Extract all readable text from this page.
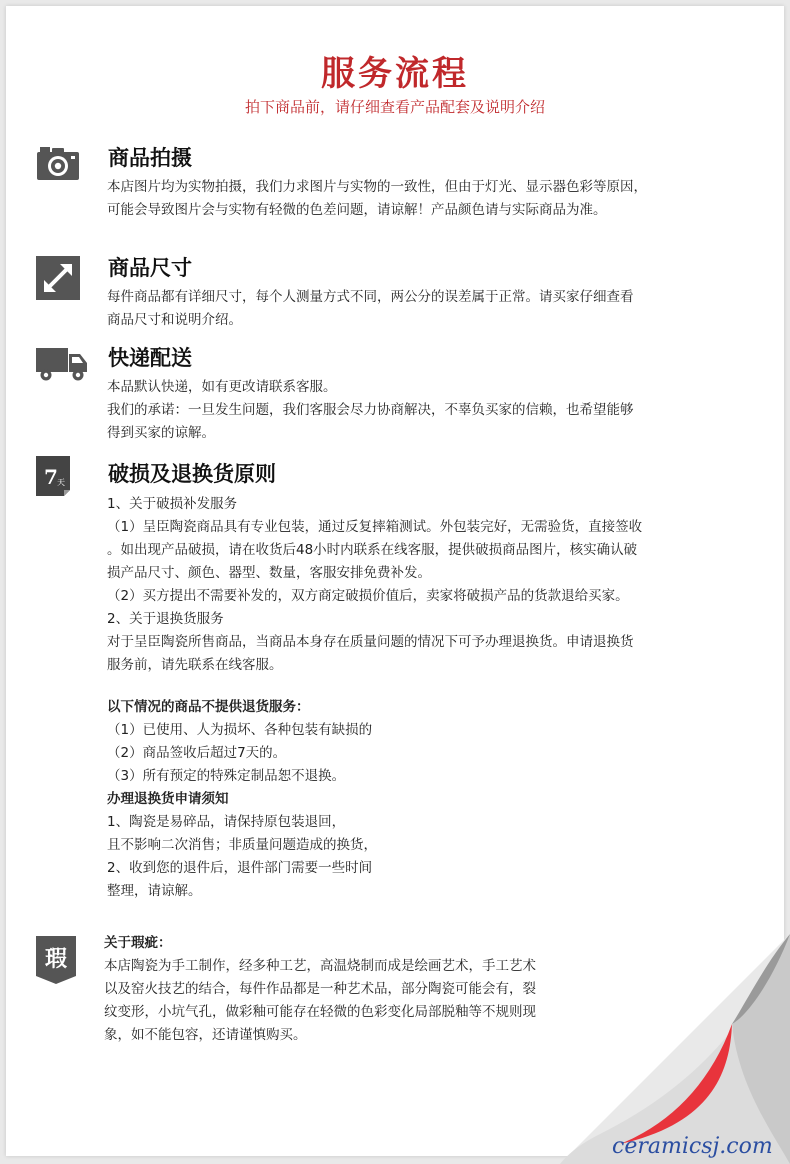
服务流程
拍下商品前，请仔细查看产品配套及说明介绍
商品拍摄

本店图片均为实物拍摄，我们力求图片与实物的一致性，但由于灯光、显示器色彩等原因，

可能会导致图片会与实物有轻微的色差问题，请谅解！产品颜色请与实际商品为准。

商品尺寸

每件商品都有详细尺寸，每个人测量方式不同，两公分的误差属于正常。请买家仔细查看

商品尺寸和说明介绍。

快递配送

本品默认快递，如有更改请联系客服。

我们的承诺：一旦发生问题，我们客服会尽力协商解决，不辜负买家的信赖，也希望能够

得到买家的谅解。

7 天 破损及退换货原则

1、关于破损补发服务

（1）呈臣陶瓷商品具有专业包装，通过反复摔箱测试。外包装完好，无需验货，直接签收

。如出现产品破损，请在收货后48小时内联系在线客服，提供破损商品图片，核实确认破

损产品尺寸、颜色、器型、数量，客服安排免费补发。

（2）买方提出不需要补发的，双方商定破损价值后，卖家将破损产品的货款退给买家。

2、关于退换货服务

对于呈臣陶瓷所售商品，当商品本身存在质量问题的情况下可予办理退换货。申请退换货

服务前，请先联系在线客服。

以下情况的商品不提供退货服务：

（1）已使用、人为损坏、各种包装有缺损的

（2）商品签收后超过7天的。

（3）所有预定的特殊定制品恕不退换。

办理退换货申请须知

1、陶瓷是易碎品，请保持原包装退回，

且不影响二次消售；非质量问题造成的换货，

2、收到您的退件后，退件部门需要一些时间

整理，请谅解。

瑕

关于瑕疵：

本店陶瓷为手工制作，经多种工艺，高温烧制而成是绘画艺术，手工艺术

以及窑火技艺的结合，每件作品都是一种艺术品，部分陶瓷可能会有，裂

纹变形，小坑气孔，做彩釉可能存在轻微的色彩变化局部脱釉等不规则现

象，如不能包容，还请谨慎购买。

ceramicsj.com
